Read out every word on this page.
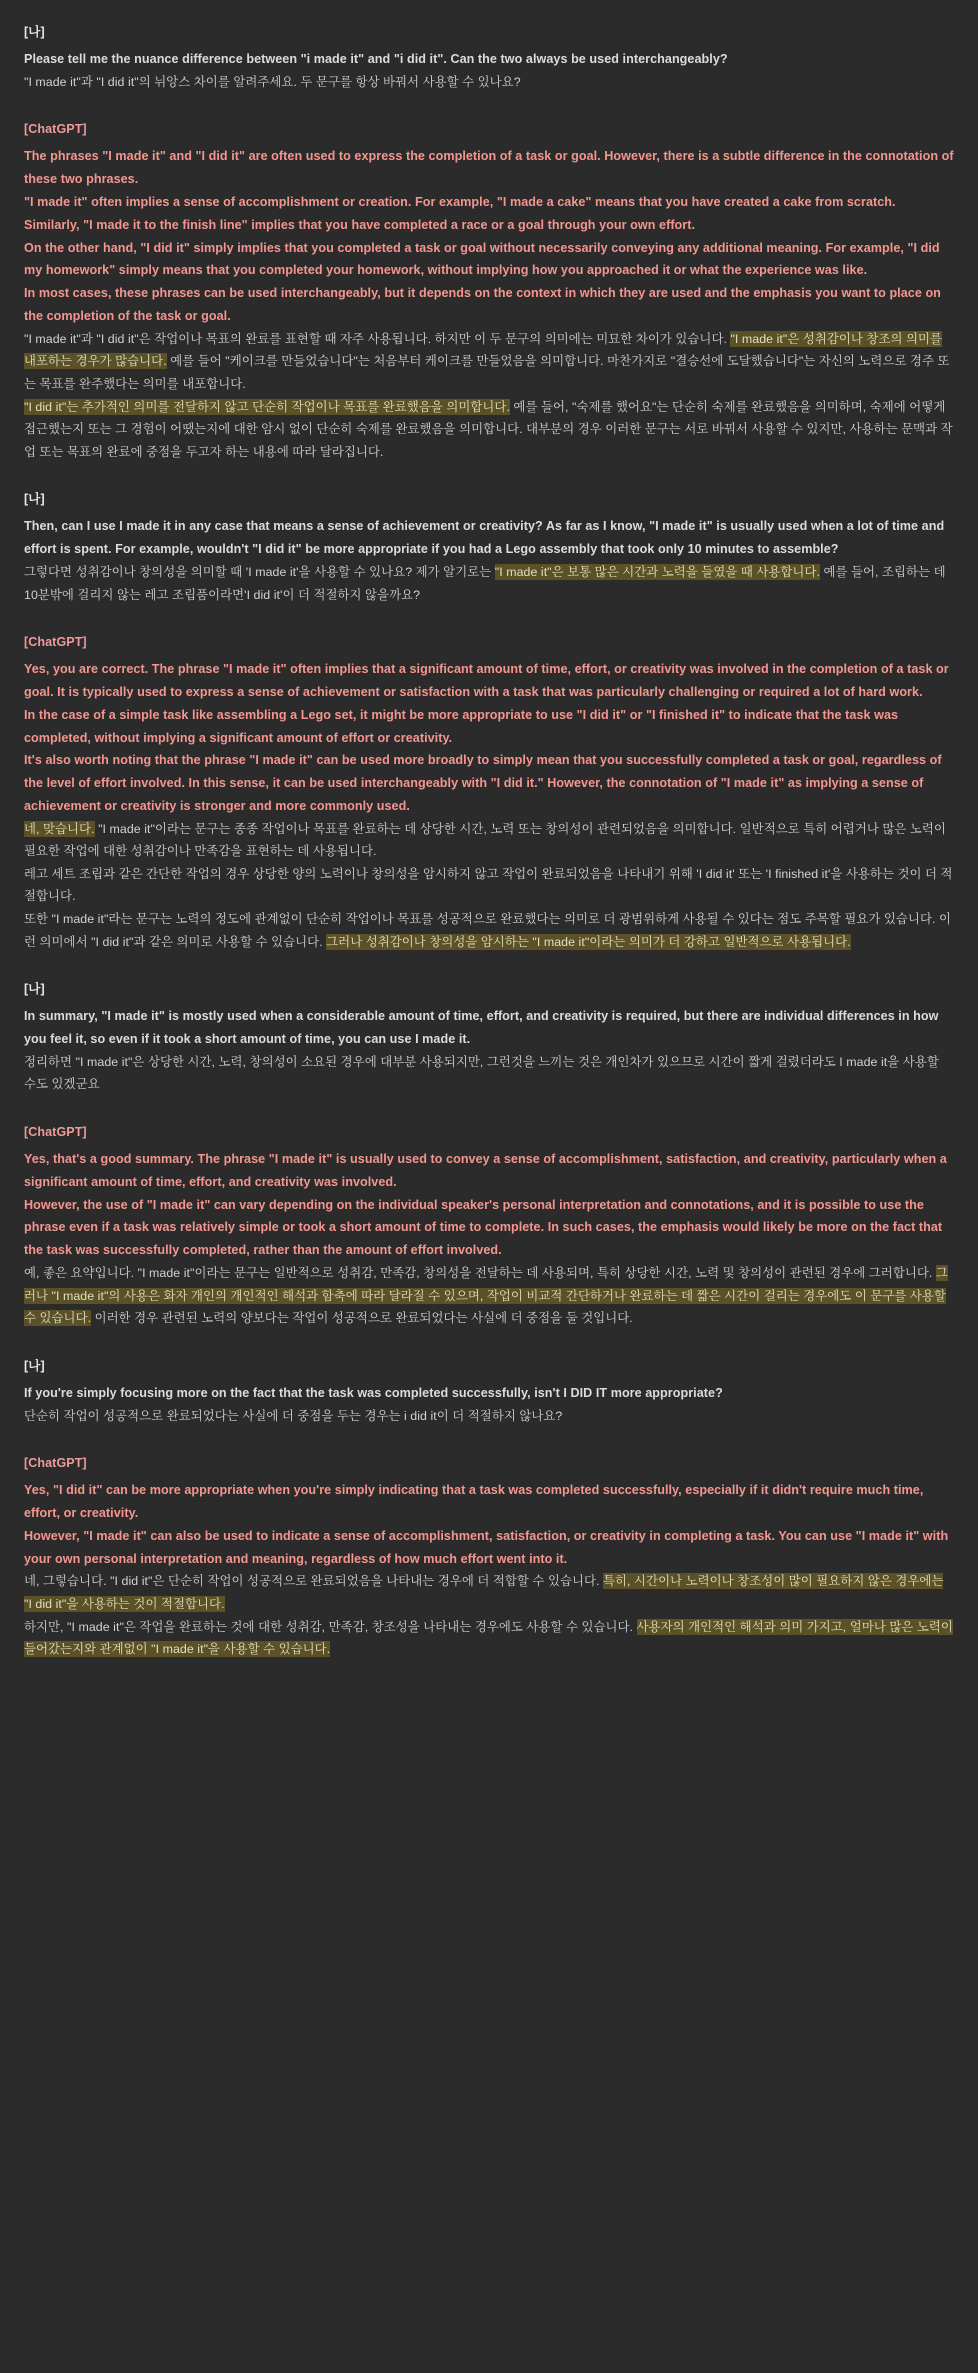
[나]

Please tell me the nuance difference between "i made it" and "i did it". Can the two always be used interchangeably?

"I made it"과 "I did it"의 뉘앙스 차이를 알려주세요. 두 문구를 항상 바꿔서 사용할 수 있나요?

[ChatGPT]

The phrases "I made it" and "I did it" are often used to express the completion of a task or goal. However, there is a subtle difference in the connotation of these two phrases.

"I made it" often implies a sense of accomplishment or creation. For example, "I made a cake" means that you have created a cake from scratch. Similarly, "I made it to the finish line" implies that you have completed a race or a goal through your own effort.

On the other hand, "I did it" simply implies that you completed a task or goal without necessarily conveying any additional meaning. For example, "I did my homework" simply means that you completed your homework, without implying how you approached it or what the experience was like.

In most cases, these phrases can be used interchangeably, but it depends on the context in which they are used and the emphasis you want to place on the completion of the task or goal.

"I made it"과 "I did it"은 작업이나 목표의 완료를 표현할 때 자주 사용됩니다. 하지만 이 두 문구의 의미에는 미묘한 차이가 있습니다. "I made it"은 성취감이나 창조의 의미를 내포하는 경우가 많습니다. 예를 들어 "케이크를 만들었습니다"는 처음부터 케이크를 만들었음을 의미합니다. 마찬가지로 "결승선에 도달했습니다"는 자신의 노력으로 경주 또는 목표를 완주했다는 의미를 내포합니다.

"I did it"는 추가적인 의미를 전달하지 않고 단순히 작업이나 목표를 완료했음을 의미합니다. 예를 들어, "숙제를 했어요"는 단순히 숙제를 완료했음을 의미하며, 숙제에 어떻게 접근했는지 또는 그 경험이 어땠는지에 대한 암시 없이 단순히 숙제를 완료했음을 의미합니다. 대부분의 경우 이러한 문구는 서로 바꿔서 사용할 수 있지만, 사용하는 문맥과 작업 또는 목표의 완료에 중점을 두고자 하는 내용에 따라 달라집니다.

[나]

Then, can I use I made it in any case that means a sense of achievement or creativity? As far as I know, "I made it" is usually used when a lot of time and effort is spent. For example, wouldn't "I did it" be more appropriate if you had a Lego assembly that took only 10 minutes to assemble?

그렇다면 성취감이나 창의성을 의미할 때 'I made it'을 사용할 수 있나요? 제가 알기로는 "I made it"은 보통 많은 시간과 노력을 들였을 때 사용합니다. 예를 들어, 조립하는 데 10분밖에 걸리지 않는 레고 조립품이라면'I did it'이 더 적절하지 않을까요?

[ChatGPT]

Yes, you are correct. The phrase "I made it" often implies that a significant amount of time, effort, or creativity was involved in the completion of a task or goal. It is typically used to express a sense of achievement or satisfaction with a task that was particularly challenging or required a lot of hard work.

In the case of a simple task like assembling a Lego set, it might be more appropriate to use "I did it" or "I finished it" to indicate that the task was completed, without implying a significant amount of effort or creativity.

It's also worth noting that the phrase "I made it" can be used more broadly to simply mean that you successfully completed a task or goal, regardless of the level of effort involved. In this sense, it can be used interchangeably with "I did it." However, the connotation of "I made it" as implying a sense of achievement or creativity is stronger and more commonly used.

네, 맞습니다. "I made it"이라는 문구는 종종 작업이나 목표를 완료하는 데 상당한 시간, 노력 또는 창의성이 관련되었음을 의미합니다. 일반적으로 특히 어렵거나 많은 노력이 필요한 작업에 대한 성취감이나 만족감을 표현하는 데 사용됩니다.

레고 세트 조립과 같은 간단한 작업의 경우 상당한 양의 노력이나 창의성을 암시하지 않고 작업이 완료되었음을 나타내기 위해 'I did it' 또는 'I finished it'을 사용하는 것이 더 적절합니다.

또한 "I made it"라는 문구는 노력의 정도에 관계없이 단순히 작업이나 목표를 성공적으로 완료했다는 의미로 더 광범위하게 사용될 수 있다는 점도 주목할 필요가 있습니다. 이런 의미에서 "I did it"과 같은 의미로 사용할 수 있습니다. 그러나 성취감이나 창의성을 암시하는 "I made it"이라는 의미가 더 강하고 일반적으로 사용됩니다.

[나]

In summary, "I made it" is mostly used when a considerable amount of time, effort, and creativity is required, but there are individual differences in how you feel it, so even if it took a short amount of time, you can use I made it.

정리하면 "I made it"은 상당한 시간, 노력, 창의성이 소요된 경우에 대부분 사용되지만, 그런것을 느끼는 것은 개인차가 있으므로 시간이 짧게 걸렸더라도 I made it을 사용할 수도 있겠군요

[ChatGPT]

Yes, that's a good summary. The phrase "I made it" is usually used to convey a sense of accomplishment, satisfaction, and creativity, particularly when a significant amount of time, effort, and creativity was involved.

However, the use of "I made it" can vary depending on the individual speaker's personal interpretation and connotations, and it is possible to use the phrase even if a task was relatively simple or took a short amount of time to complete. In such cases, the emphasis would likely be more on the fact that the task was successfully completed, rather than the amount of effort involved.

예, 좋은 요약입니다. "I made it"이라는 문구는 일반적으로 성취감, 만족감, 창의성을 전달하는 데 사용되며, 특히 상당한 시간, 노력 및 창의성이 관련된 경우에 그러합니다. 그러나 "I made it"의 사용은 화자 개인의 개인적인 해석과 함축에 따라 달라질 수 있으며, 작업이 비교적 간단하거나 완료하는 데 짧은 시간이 걸리는 경우에도 이 문구를 사용할 수 있습니다. 이러한 경우 관련된 노력의 양보다는 작업이 성공적으로 완료되었다는 사실에 더 중점을 둘 것입니다.

[나]

If you're simply focusing more on the fact that the task was completed successfully, isn't I DID IT more appropriate?

단순히 작업이 성공적으로 완료되었다는 사실에 더 중점을 두는 경우는 i did it이 더 적절하지 않나요?

[ChatGPT]

Yes, "I did it" can be more appropriate when you're simply indicating that a task was completed successfully, especially if it didn't require much time, effort, or creativity.

However, "I made it" can also be used to indicate a sense of accomplishment, satisfaction, or creativity in completing a task. You can use "I made it" with your own personal interpretation and meaning, regardless of how much effort went into it.

네, 그렇습니다. "I did it"은 단순히 작업이 성공적으로 완료되었음을 나타내는 경우에 더 적합할 수 있습니다. 특히, 시간이나 노력이나 창조성이 많이 필요하지 않은 경우에는 "I did it"을 사용하는 것이 적절합니다.

하지만, "I made it"은 작업을 완료하는 것에 대한 성취감, 만족감, 창조성을 나타내는 경우에도 사용할 수 있습니다. 사용자의 개인적인 해석과 의미 가지고, 얼마나 많은 노력이 들어갔는지와 관계없이 "I made it"을 사용할 수 있습니다.
